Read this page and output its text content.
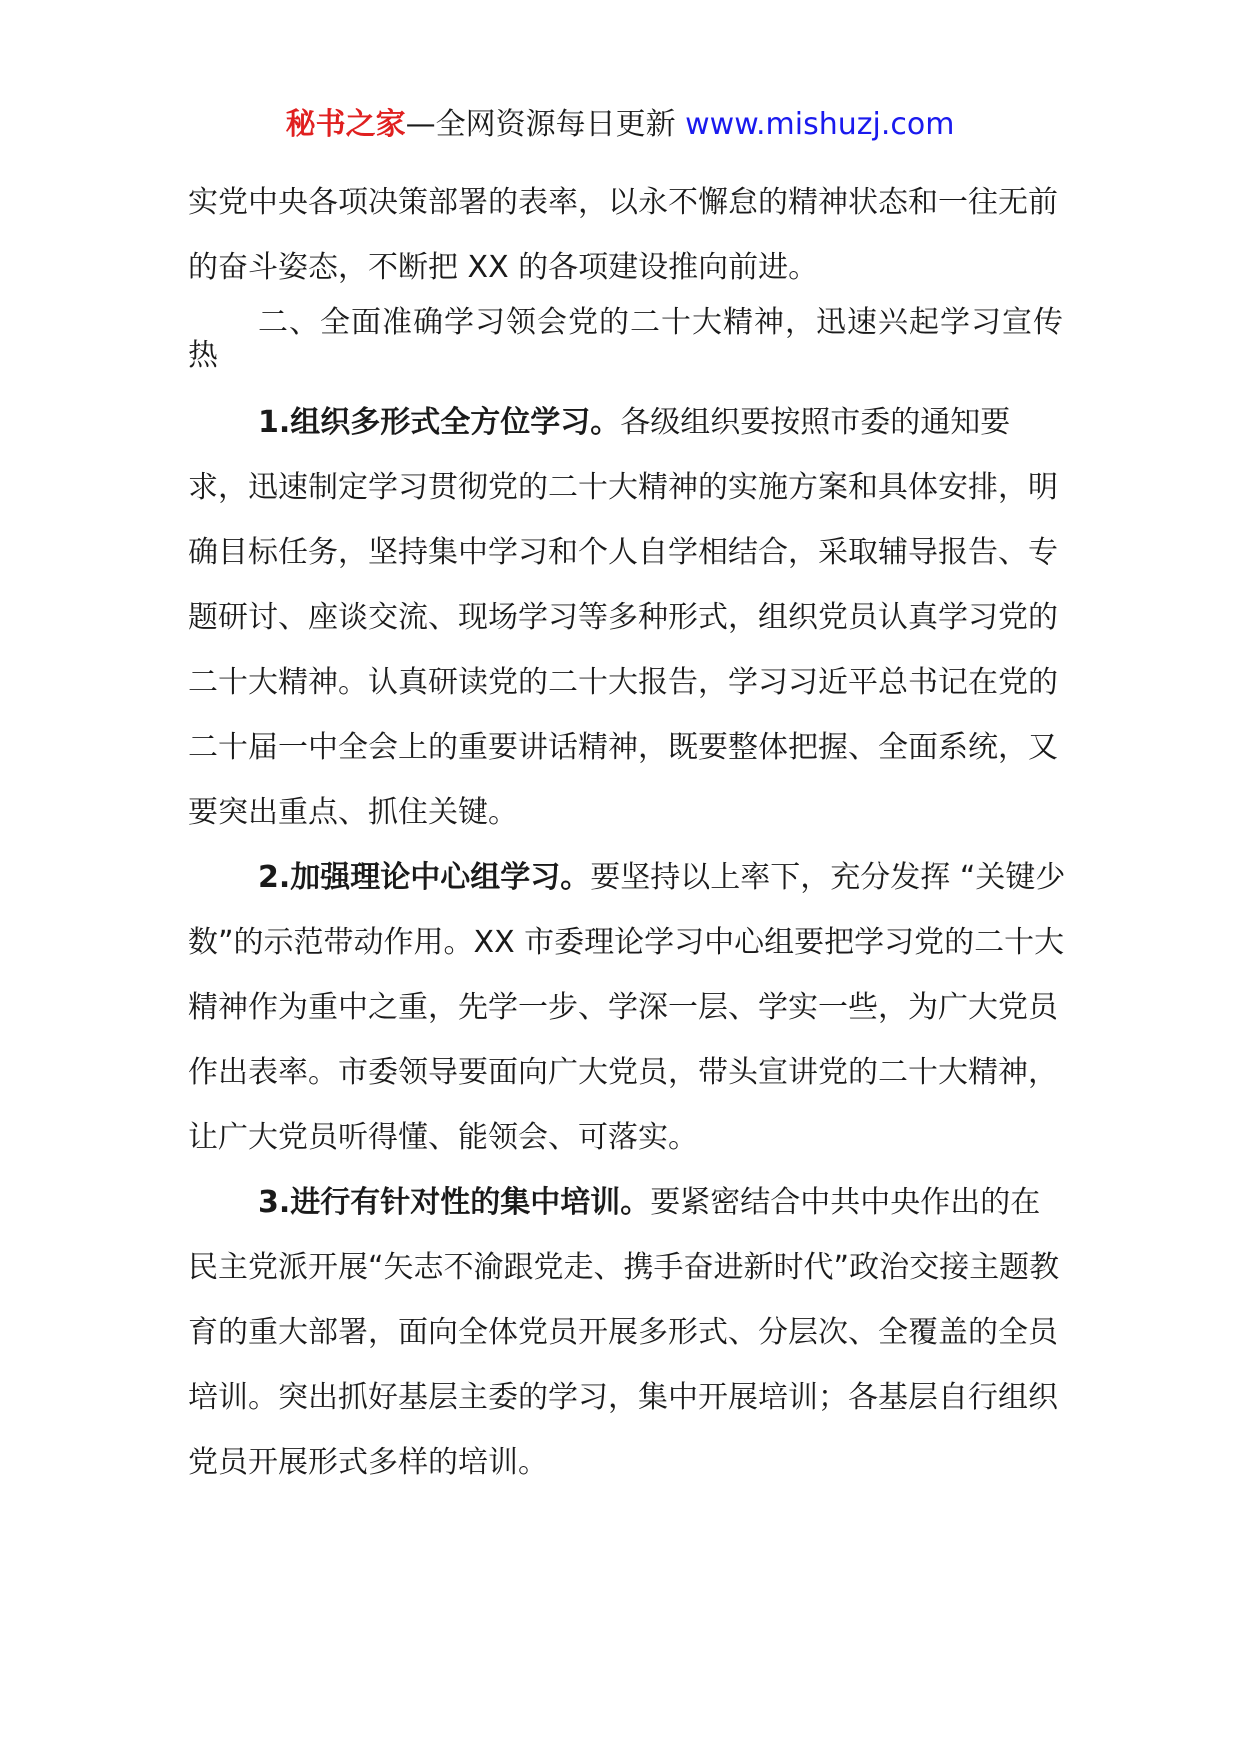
秘书之家—全网资源每日更新 www.mishuzj.com

实党中央各项决策部署的表率，以永不懈怠的精神状态和一往无前的奋斗姿态，不断把 XX 的各项建设推向前进。

二、全面准确学习领会党的二十大精神，迅速兴起学习宣传热

1.组织多形式全方位学习。各级组织要按照市委的通知要求，迅速制定学习贯彻党的二十大精神的实施方案和具体安排，明确目标任务，坚持集中学习和个人自学相结合，采取辅导报告、专题研讨、座谈交流、现场学习等多种形式，组织党员认真学习党的二十大精神。认真研读党的二十大报告，学习习近平总书记在党的二十届一中全会上的重要讲话精神，既要整体把握、全面系统，又要突出重点、抓住关键。

2.加强理论中心组学习。要坚持以上率下，充分发挥 “关键少数”的示范带动作用。XX 市委理论学习中心组要把学习党的二十大精神作为重中之重，先学一步、学深一层、学实一些，为广大党员作出表率。市委领导要面向广大党员，带头宣讲党的二十大精神，让广大党员听得懂、能领会、可落实。

3.进行有针对性的集中培训。要紧密结合中共中央作出的在民主党派开展“矢志不渝跟党走、携手奋进新时代”政治交接主题教育的重大部署，面向全体党员开展多形式、分层次、全覆盖的全员培训。突出抓好基层主委的学习，集中开展培训；各基层自行组织党员开展形式多样的培训。
